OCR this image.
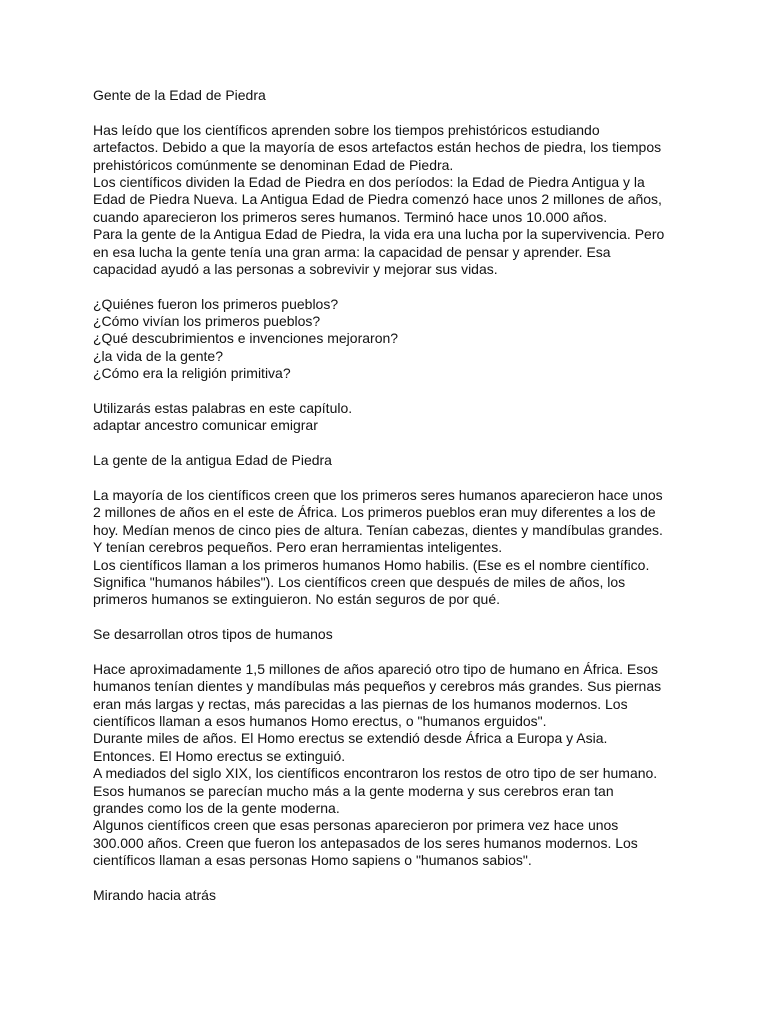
Gente de la Edad de Piedra
Has leído que los científicos aprenden sobre los tiempos prehistóricos estudiando
artefactos. Debido a que la mayoría de esos artefactos están hechos de piedra, los tiempos
prehistóricos comúnmente se denominan Edad de Piedra.
Los científicos dividen la Edad de Piedra en dos períodos: la Edad de Piedra Antigua y la
Edad de Piedra Nueva. La Antigua Edad de Piedra comenzó hace unos 2 millones de años,
cuando aparecieron los primeros seres humanos. Terminó hace unos 10.000 años.
Para la gente de la Antigua Edad de Piedra, la vida era una lucha por la supervivencia. Pero
en esa lucha la gente tenía una gran arma: la capacidad de pensar y aprender. Esa
capacidad ayudó a las personas a sobrevivir y mejorar sus vidas.
¿Quiénes fueron los primeros pueblos?
¿Cómo vivían los primeros pueblos?
¿Qué descubrimientos e invenciones mejoraron?
¿la vida de la gente?
¿Cómo era la religión primitiva?
Utilizarás estas palabras en este capítulo.
adaptar ancestro comunicar emigrar
La gente de la antigua Edad de Piedra
La mayoría de los científicos creen que los primeros seres humanos aparecieron hace unos
2 millones de años en el este de África. Los primeros pueblos eran muy diferentes a los de
hoy. Medían menos de cinco pies de altura. Tenían cabezas, dientes y mandíbulas grandes.
Y tenían cerebros pequeños. Pero eran herramientas inteligentes.
Los científicos llaman a los primeros humanos Homo habilis. (Ese es el nombre científico.
Significa "humanos hábiles"). Los científicos creen que después de miles de años, los
primeros humanos se extinguieron. No están seguros de por qué.
Se desarrollan otros tipos de humanos
Hace aproximadamente 1,5 millones de años apareció otro tipo de humano en África. Esos
humanos tenían dientes y mandíbulas más pequeños y cerebros más grandes. Sus piernas
eran más largas y rectas, más parecidas a las piernas de los humanos modernos. Los
científicos llaman a esos humanos Homo erectus, o "humanos erguidos".
Durante miles de años. El Homo erectus se extendió desde África a Europa y Asia.
Entonces. El Homo erectus se extinguió.
A mediados del siglo XIX, los científicos encontraron los restos de otro tipo de ser humano.
Esos humanos se parecían mucho más a la gente moderna y sus cerebros eran tan
grandes como los de la gente moderna.
Algunos científicos creen que esas personas aparecieron por primera vez hace unos
300.000 años. Creen que fueron los antepasados de los seres humanos modernos. Los
científicos llaman a esas personas Homo sapiens o "humanos sabios".
Mirando hacia atrás
